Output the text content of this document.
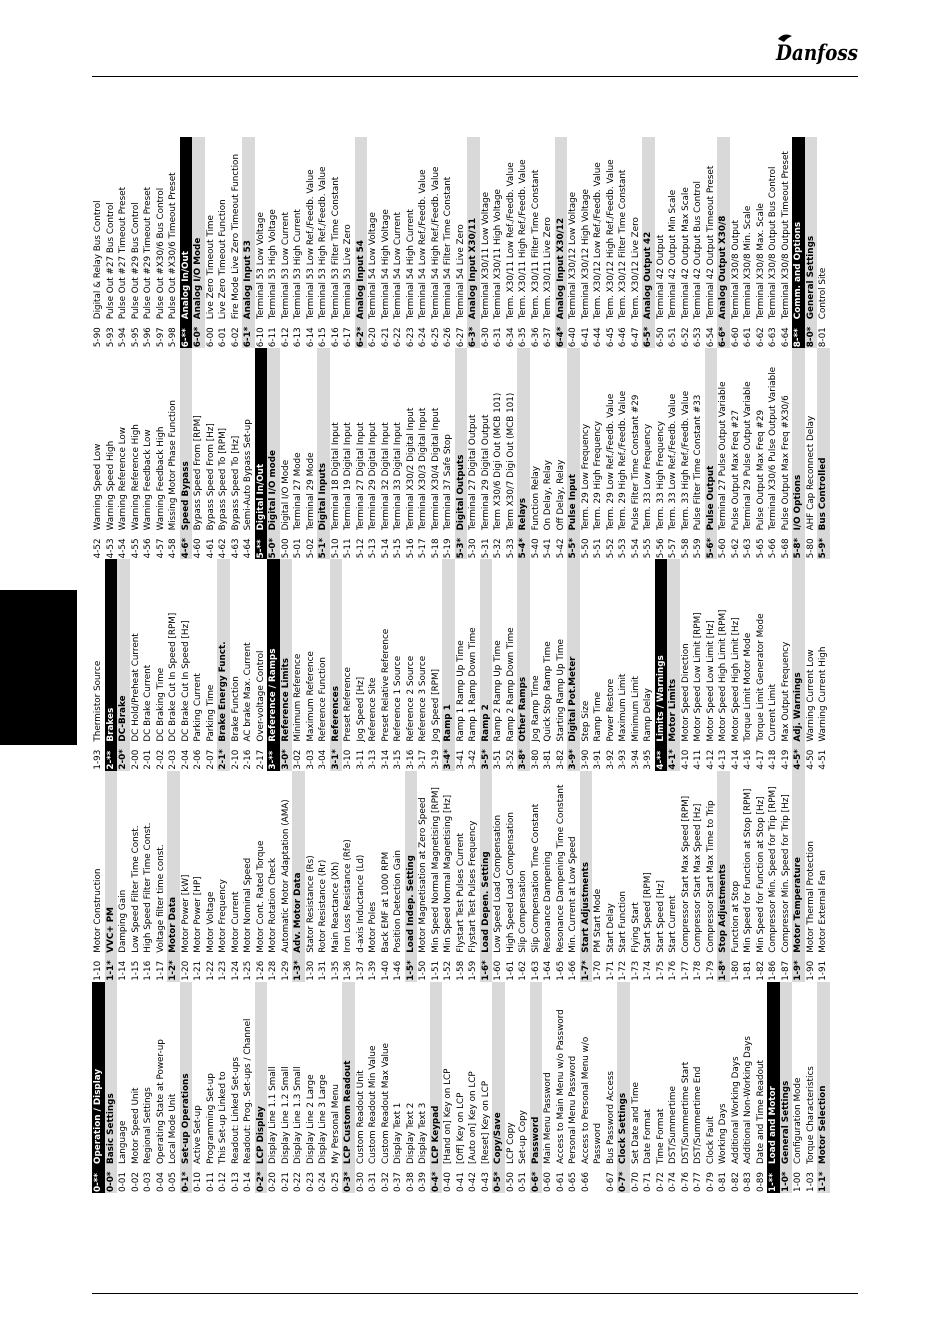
Danfoss
0-**
Operation / Display
0-0*
Basic Settings
0-01
Language
0-02
Motor Speed Unit
0-03
Regional Settings
0-04
Operating State at Power-up
0-05
Local Mode Unit
0-1*
Set-up Operations
0-10
Active Set-up
0-11
Programming Set-up
0-12
This Set-up Linked to
0-13
Readout: Linked Set-ups
0-14
Readout: Prog. Set-ups / Channel
0-2*
LCP Display
0-20
Display Line 1.1 Small
0-21
Display Line 1.2 Small
0-22
Display Line 1.3 Small
0-23
Display Line 2 Large
0-24
Display Line 3 Large
0-25
My Personal Menu
0-3*
LCP Custom Readout
0-30
Custom Readout Unit
0-31
Custom Readout Min Value
0-32
Custom Readout Max Value
0-37
Display Text 1
0-38
Display Text 2
0-39
Display Text 3
0-4*
LCP Keypad
0-40
[Hand on] Key on LCP
0-41
[Off] Key on LCP
0-42
[Auto on] Key on LCP
0-43
[Reset] Key on LCP
0-5*
Copy/Save
0-50
LCP Copy
0-51
Set-up Copy
0-6*
Password
0-60
Main Menu Password
0-61
Access to Main Menu w/o Password
0-65
Personal Menu Password
0-66
Access to Personal Menu w/o Password
0-67
Bus Password Access
0-7*
Clock Settings
0-70
Set Date and Time
0-71
Date Format
0-72
Time Format
0-74
DST/Summertime
0-76
DST/Summertime Start
0-77
DST/Summertime End
0-79
Clock Fault
0-81
Working Days
0-82
Additional Working Days
0-83
Additional Non-Working Days
0-89
Date and Time Readout
1-**
Load and Motor
1-0*
General Settings
1-00
Configuration Mode
1-03
Torque Characteristics
1-1*
Motor Selection
1-10
Motor Construction
1-1*
VVC+ PM
1-14
Damping Gain
1-15
Low Speed Filter Time Const.
1-16
High Speed Filter Time Const.
1-17
Voltage filter time const.
1-2*
Motor Data
1-20
Motor Power [kW]
1-21
Motor Power [HP]
1-22
Motor Voltage
1-23
Motor Frequency
1-24
Motor Current
1-25
Motor Nominal Speed
1-26
Motor Cont. Rated Torque
1-28
Motor Rotation Check
1-29
Automatic Motor Adaptation (AMA)
1-3*
Adv. Motor Data
1-30
Stator Resistance (Rs)
1-31
Rotor Resistance (Rr)
1-35
Main Reactance (Xh)
1-36
Iron Loss Resistance (Rfe)
1-37
d-axis Inductance (Ld)
1-39
Motor Poles
1-40
Back EMF at 1000 RPM
1-46
Position Detection Gain
1-5*
Load Indep. Setting
1-50
Motor Magnetisation at Zero Speed
1-51
Min Speed Normal Magnetising [RPM]
1-52
Min Speed Normal Magnetising [Hz]
1-58
Flystart Test Pulses Current
1-59
Flystart Test Pulses Frequency
1-6*
Load Depen. Setting
1-60
Low Speed Load Compensation
1-61
High Speed Load Compensation
1-62
Slip Compensation
1-63
Slip Compensation Time Constant
1-64
Resonance Dampening
1-65
Resonance Dampening Time Constant
1-66
Min. Current at Low Speed
1-7*
Start Adjustments
1-70
PM Start Mode
1-71
Start Delay
1-72
Start Function
1-73
Flying Start
1-74
Start Speed [RPM]
1-75
Start Speed [Hz]
1-76
Start Current
1-77
Compressor Start Max Speed [RPM]
1-78
Compressor Start Max Speed [Hz]
1-79
Compressor Start Max Time to Trip
1-8*
Stop Adjustments
1-80
Function at Stop
1-81
Min Speed for Function at Stop [RPM]
1-82
Min Speed for Function at Stop [Hz]
1-86
Compressor Min. Speed for Trip [RPM]
1-87
Compressor Min. Speed for Trip [Hz]
1-9*
Motor Temperature
1-90
Motor Thermal Protection
1-91
Motor External Fan
1-93
Thermistor Source
2-**
Brakes
2-0*
DC-Brake
2-00
DC Hold/Preheat Current
2-01
DC Brake Current
2-02
DC Braking Time
2-03
DC Brake Cut In Speed [RPM]
2-04
DC Brake Cut In Speed [Hz]
2-06
Parking Current
2-07
Parking Time
2-1*
Brake Energy Funct.
2-10
Brake Function
2-16
AC brake Max. Current
2-17
Over-voltage Control
3-**
Reference / Ramps
3-0*
Reference Limits
3-02
Minimum Reference
3-03
Maximum Reference
3-04
Reference Function
3-1*
References
3-10
Preset Reference
3-11
Jog Speed [Hz]
3-13
Reference Site
3-14
Preset Relative Reference
3-15
Reference 1 Source
3-16
Reference 2 Source
3-17
Reference 3 Source
3-19
Jog Speed [RPM]
3-4*
Ramp 1
3-41
Ramp 1 Ramp Up Time
3-42
Ramp 1 Ramp Down Time
3-5*
Ramp 2
3-51
Ramp 2 Ramp Up Time
3-52
Ramp 2 Ramp Down Time
3-8*
Other Ramps
3-80
Jog Ramp Time
3-81
Quick Stop Ramp Time
3-82
Starting Ramp Up Time
3-9*
Digital Pot.Meter
3-90
Step Size
3-91
Ramp Time
3-92
Power Restore
3-93
Maximum Limit
3-94
Minimum Limit
3-95
Ramp Delay
4-**
Limits / Warnings
4-1*
Motor Limits
4-10
Motor Speed Direction
4-11
Motor Speed Low Limit [RPM]
4-12
Motor Speed Low Limit [Hz]
4-13
Motor Speed High Limit [RPM]
4-14
Motor Speed High Limit [Hz]
4-16
Torque Limit Motor Mode
4-17
Torque Limit Generator Mode
4-18
Current Limit
4-19
Max Output Frequency
4-5*
Adj. Warnings
4-50
Warning Current Low
4-51
Warning Current High
4-52
Warning Speed Low
4-53
Warning Speed High
4-54
Warning Reference Low
4-55
Warning Reference High
4-56
Warning Feedback Low
4-57
Warning Feedback High
4-58
Missing Motor Phase Function
4-6*
Speed Bypass
4-60
Bypass Speed From [RPM]
4-61
Bypass Speed From [Hz]
4-62
Bypass Speed To [RPM]
4-63
Bypass Speed To [Hz]
4-64
Semi-Auto Bypass Set-up
5-**
Digital In/Out
5-0*
Digital I/O mode
5-00
Digital I/O Mode
5-01
Terminal 27 Mode
5-02
Terminal 29 Mode
5-1*
Digital Inputs
5-10
Terminal 18 Digital Input
5-11
Terminal 19 Digital Input
5-12
Terminal 27 Digital Input
5-13
Terminal 29 Digital Input
5-14
Terminal 32 Digital Input
5-15
Terminal 33 Digital Input
5-16
Terminal X30/2 Digital Input
5-17
Terminal X30/3 Digital Input
5-18
Terminal X30/4 Digital Input
5-19
Terminal 37 Safe Stop
5-3*
Digital Outputs
5-30
Terminal 27 Digital Output
5-31
Terminal 29 Digital Output
5-32
Term X30/6 Digi Out (MCB 101)
5-33
Term X30/7 Digi Out (MCB 101)
5-4*
Relays
5-40
Function Relay
5-41
On Delay, Relay
5-42
Off Delay, Relay
5-5*
Pulse Input
5-50
Term. 29 Low Frequency
5-51
Term. 29 High Frequency
5-52
Term. 29 Low Ref./Feedb. Value
5-53
Term. 29 High Ref./Feedb. Value
5-54
Pulse Filter Time Constant #29
5-55
Term. 33 Low Frequency
5-56
Term. 33 High Frequency
5-57
Term. 33 Low Ref./Feedb. Value
5-58
Term. 33 High Ref./Feedb. Value
5-59
Pulse Filter Time Constant #33
5-6*
Pulse Output
5-60
Terminal 27 Pulse Output Variable
5-62
Pulse Output Max Freq #27
5-63
Terminal 29 Pulse Output Variable
5-65
Pulse Output Max Freq #29
5-66
Terminal X30/6 Pulse Output Variable
5-68
Pulse Output Max Freq #X30/6
5-8*
I/O Options
5-80
AHF Cap Reconnect Delay
5-9*
Bus Controlled
5-90
Digital & Relay Bus Control
5-93
Pulse Out #27 Bus Control
5-94
Pulse Out #27 Timeout Preset
5-95
Pulse Out #29 Bus Control
5-96
Pulse Out #29 Timeout Preset
5-97
Pulse Out #X30/6 Bus Control
5-98
Pulse Out #X30/6 Timeout Preset
6-**
Analog In/Out
6-0*
Analog I/O Mode
6-00
Live Zero Timeout Time
6-01
Live Zero Timeout Function
6-02
Fire Mode Live Zero Timeout Function
6-1*
Analog Input 53
6-10
Terminal 53 Low Voltage
6-11
Terminal 53 High Voltage
6-12
Terminal 53 Low Current
6-13
Terminal 53 High Current
6-14
Terminal 53 Low Ref./Feedb. Value
6-15
Terminal 53 High Ref./Feedb. Value
6-16
Terminal 53 Filter Time Constant
6-17
Terminal 53 Live Zero
6-2*
Analog Input 54
6-20
Terminal 54 Low Voltage
6-21
Terminal 54 High Voltage
6-22
Terminal 54 Low Current
6-23
Terminal 54 High Current
6-24
Terminal 54 Low Ref./Feedb. Value
6-25
Terminal 54 High Ref./Feedb. Value
6-26
Terminal 54 Filter Time Constant
6-27
Terminal 54 Live Zero
6-3*
Analog Input X30/11
6-30
Terminal X30/11 Low Voltage
6-31
Terminal X30/11 High Voltage
6-34
Term. X30/11 Low Ref./Feedb. Value
6-35
Term. X30/11 High Ref./Feedb. Value
6-36
Term. X30/11 Filter Time Constant
6-37
Term. X30/11 Live Zero
6-4*
Analog Input X30/12
6-40
Terminal X30/12 Low Voltage
6-41
Terminal X30/12 High Voltage
6-44
Term. X30/12 Low Ref./Feedb. Value
6-45
Term. X30/12 High Ref./Feedb. Value
6-46
Term. X30/12 Filter Time Constant
6-47
Term. X30/12 Live Zero
6-5*
Analog Output 42
6-50
Terminal 42 Output
6-51
Terminal 42 Output Min Scale
6-52
Terminal 42 Output Max Scale
6-53
Terminal 42 Output Bus Control
6-54
Terminal 42 Output Timeout Preset
6-6*
Analog Output X30/8
6-60
Terminal X30/8 Output
6-61
Terminal X30/8 Min. Scale
6-62
Terminal X30/8 Max. Scale
6-63
Terminal X30/8 Output Bus Control
6-64
Terminal X30/8 Output Timeout Preset
8-**
Comm. and Options
8-0*
General Settings
8-01
Control Site
